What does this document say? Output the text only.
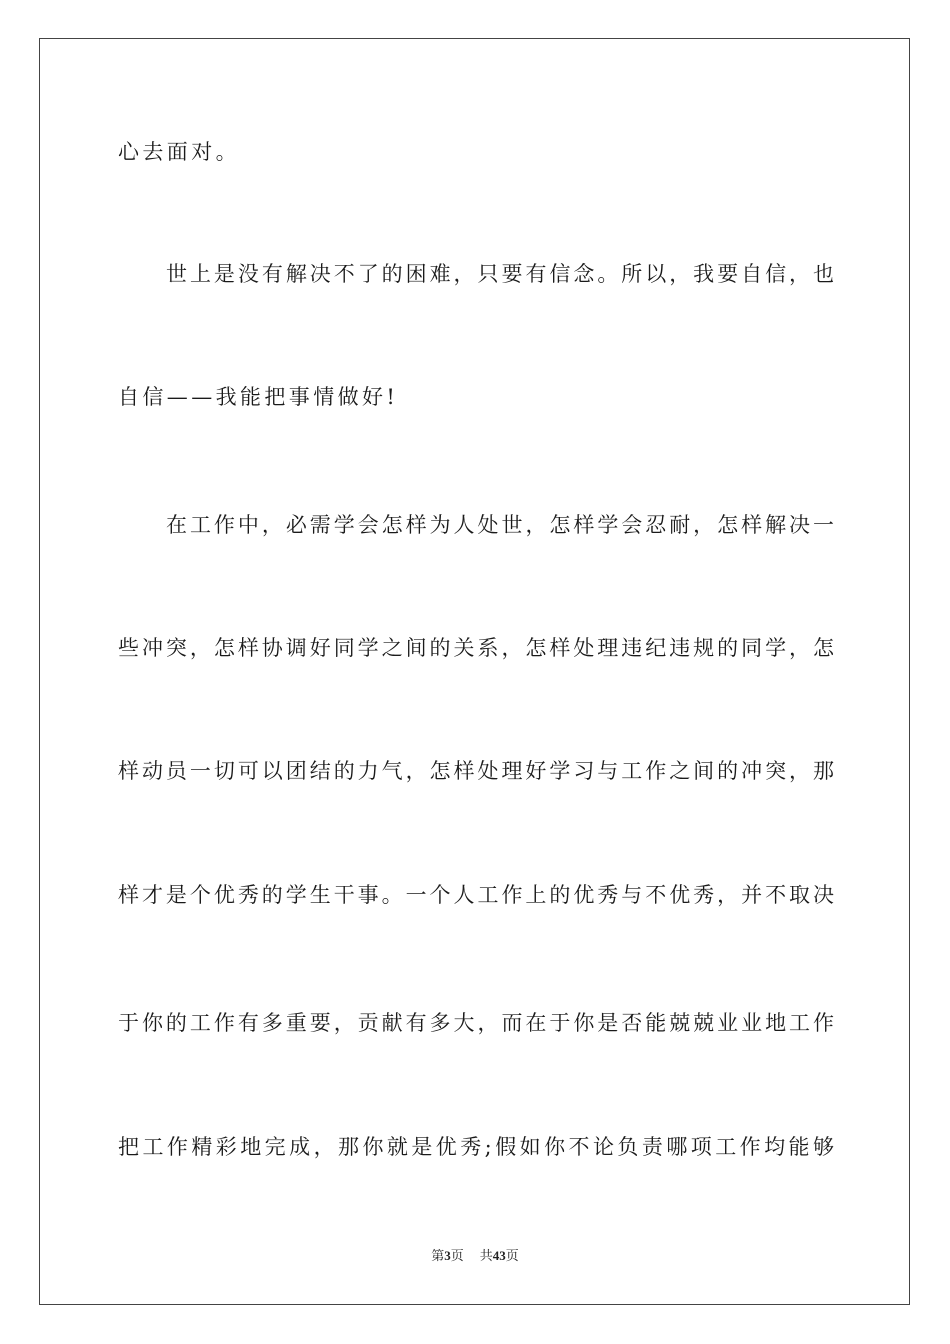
心去面对。
世上是没有解决不了的困难，只要有信念。所以，我要自信，也
自信——我能把事情做好!
在工作中，必需学会怎样为人处世，怎样学会忍耐，怎样解决一
些冲突，怎样协调好同学之间的关系，怎样处理违纪违规的同学，怎
样动员一切可以团结的力气，怎样处理好学习与工作之间的冲突，那
样才是个优秀的学生干事。一个人工作上的优秀与不优秀，并不取决
于你的工作有多重要，贡献有多大，而在于你是否能兢兢业业地工作
把工作精彩地完成，那你就是优秀;假如你不论负责哪项工作均能够
第3页 共43页
